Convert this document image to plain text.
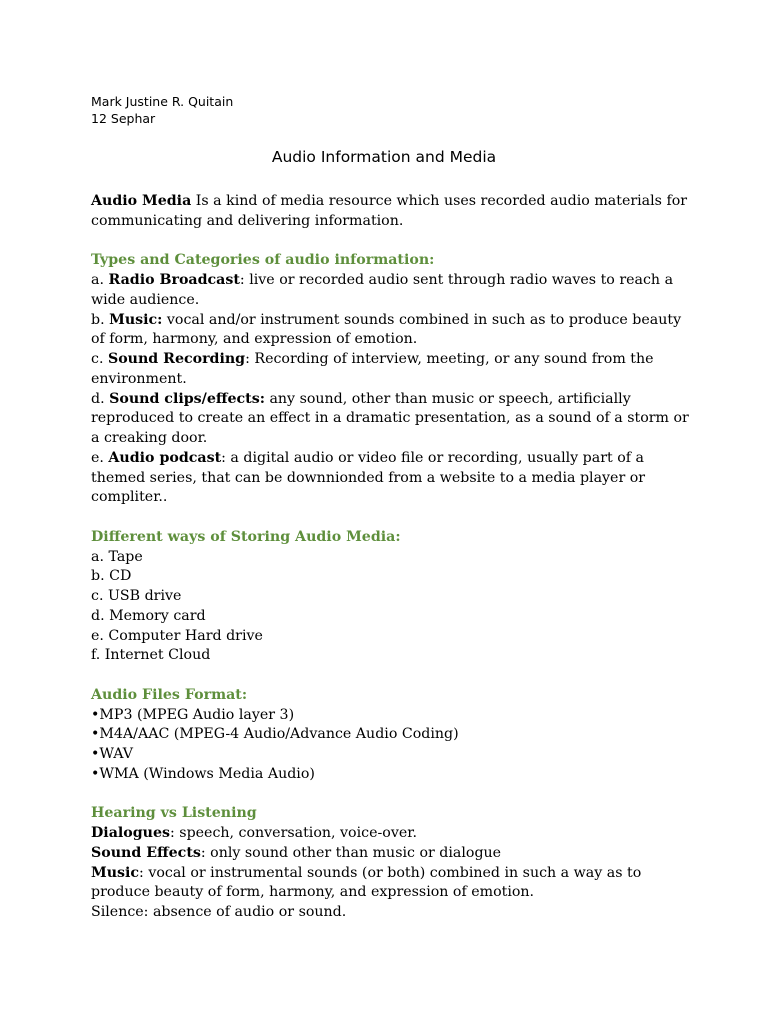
Mark Justine R. Quitain
12 Sephar
Audio Information and Media

Audio Media Is a kind of media resource which uses recorded audio materials for communicating and delivering information.

Types and Categories of audio information:

a. Radio Broadcast: live or recorded audio sent through radio waves to reach a wide audience.

b. Music: vocal and/or instrument sounds combined in such as to produce beauty of form, harmony, and expression of emotion.

c. Sound Recording: Recording of interview, meeting, or any sound from the environment.

d. Sound clips/effects: any sound, other than music or speech, artificially reproduced to create an effect in a dramatic presentation, as a sound of a storm or a creaking door.

e. Audio podcast: a digital audio or video file or recording, usually part of a themed series, that can be downnionded from a website to a media player or compliter..

Different ways of Storing Audio Media:

a. Tape

b. CD

c. USB drive

d. Memory card

e. Computer Hard drive

f. Internet Cloud

Audio Files Format:

•MP3 (MPEG Audio layer 3)

•M4A/AAC (MPEG-4 Audio/Advance Audio Coding)

•WAV

•WMA (Windows Media Audio)

Hearing vs Listening

Dialogues: speech, conversation, voice-over.

Sound Effects: only sound other than music or dialogue

Music: vocal or instrumental sounds (or both) combined in such a way as to produce beauty of form, harmony, and expression of emotion.

Silence: absence of audio or sound.
